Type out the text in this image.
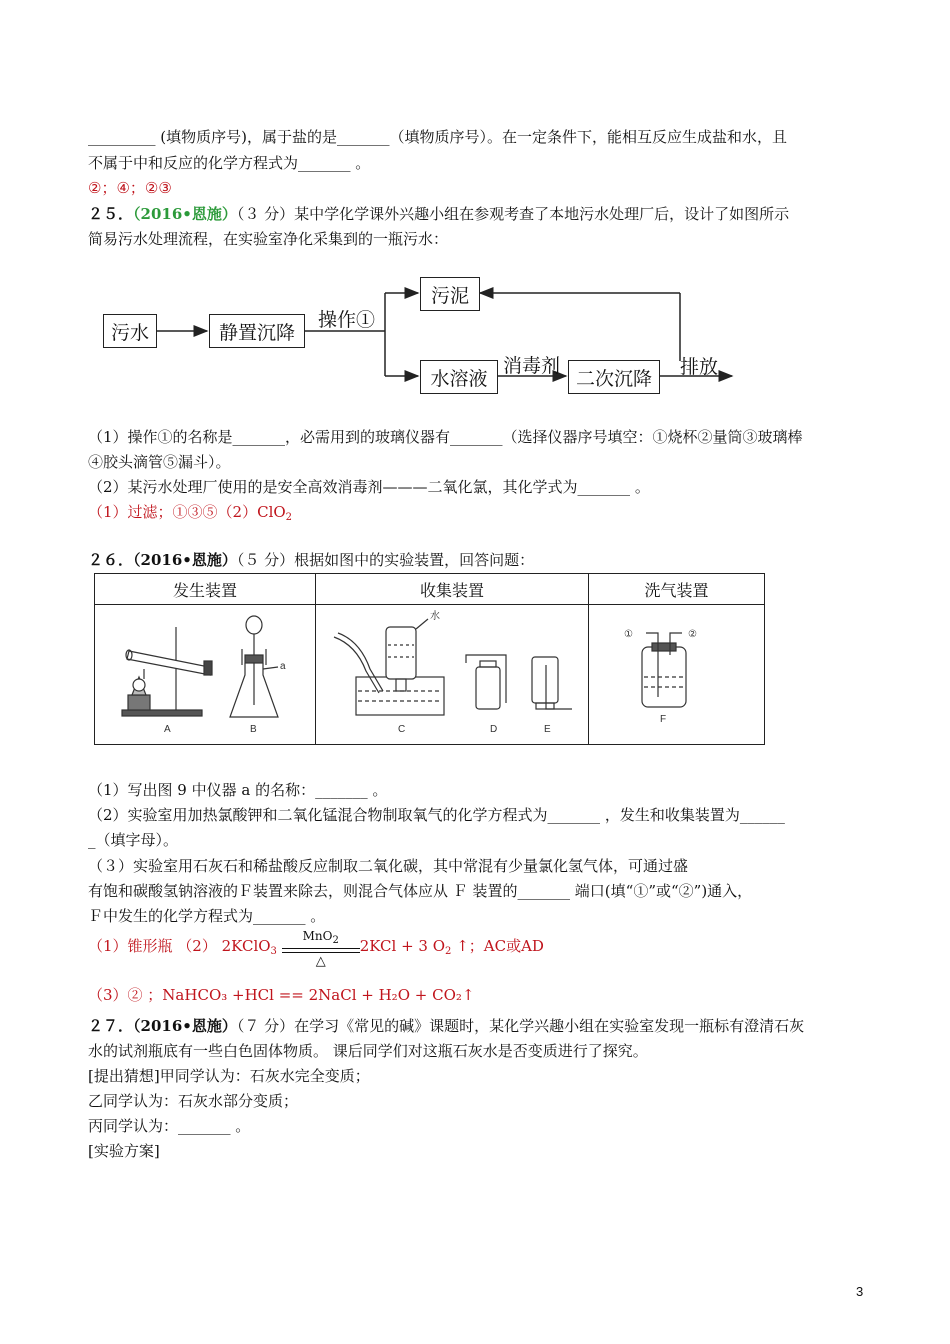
_________ (填物质序号)，属于盐的是_______（填物质序号）。在一定条件下，能相互反应生成盐和水，且
不属于中和反应的化学方程式为_______ 。
②；④；②③
２５．（2016•恩施）（３ 分）某中学化学课外兴趣小组在参观考查了本地污水处理厂后，设计了如图所示
简易污水处理流程，在实验室净化采集到的一瓶污水：
污水	静置沉降
操作①
污泥
水溶液
消毒剂
二次沉降
排放
（1）操作①的名称是_______，必需用到的玻璃仪器有_______（选择仪器序号填空：①烧杯②量筒③玻璃棒
④胶头滴管⑤漏斗）。
（2）某污水处理厂使用的是安全高效消毒剂———二氧化氯，其化学式为_______ 。
（1）过滤；①③⑤（2）ClO$_2$
２６．（2016•恩施）（５ 分）根据如图中的实验装置，回答问题：
发生装置	收集装置	洗气装置

A
a
B
水
C	D	E
①	②
F
（1）写出图 9 中仪器 a 的名称：_______ 。
（2）实验室用加热氯酸钾和二氧化锰混合物制取氧气的化学方程式为_______ ，发生和收集装置为______
_（填字母）。
（３）实验室用石灰石和稀盐酸反应制取二氧化碳，其中常混有少量氯化氢气体，可通过盛
有饱和碳酸氢钠溶液的Ｆ装置来除去，则混合气体应从 Ｆ 装置的_______ 端口(填“①”或“②”)通入，
Ｆ中发生的化学方程式为_______ 。
（1）锥形瓶 （2） 2KClO$_3$
MnO$_2$
△
2KCl + 3 $O_2$ ↑；AC或AD
（3）② ；NaHCO₃ +HCl == 2NaCl + H₂O + CO₂↑
２７．（2016•恩施）（７ 分）在学习《常见的碱》课题时，某化学兴趣小组在实验室发现一瓶标有澄清石灰
水的试剂瓶底有一些白色固体物质。 课后同学们对这瓶石灰水是否变质进行了探究。
[提出猜想]甲同学认为：石灰水完全变质；
乙同学认为：石灰水部分变质；
丙同学认为：_______ 。
[实验方案]
3
